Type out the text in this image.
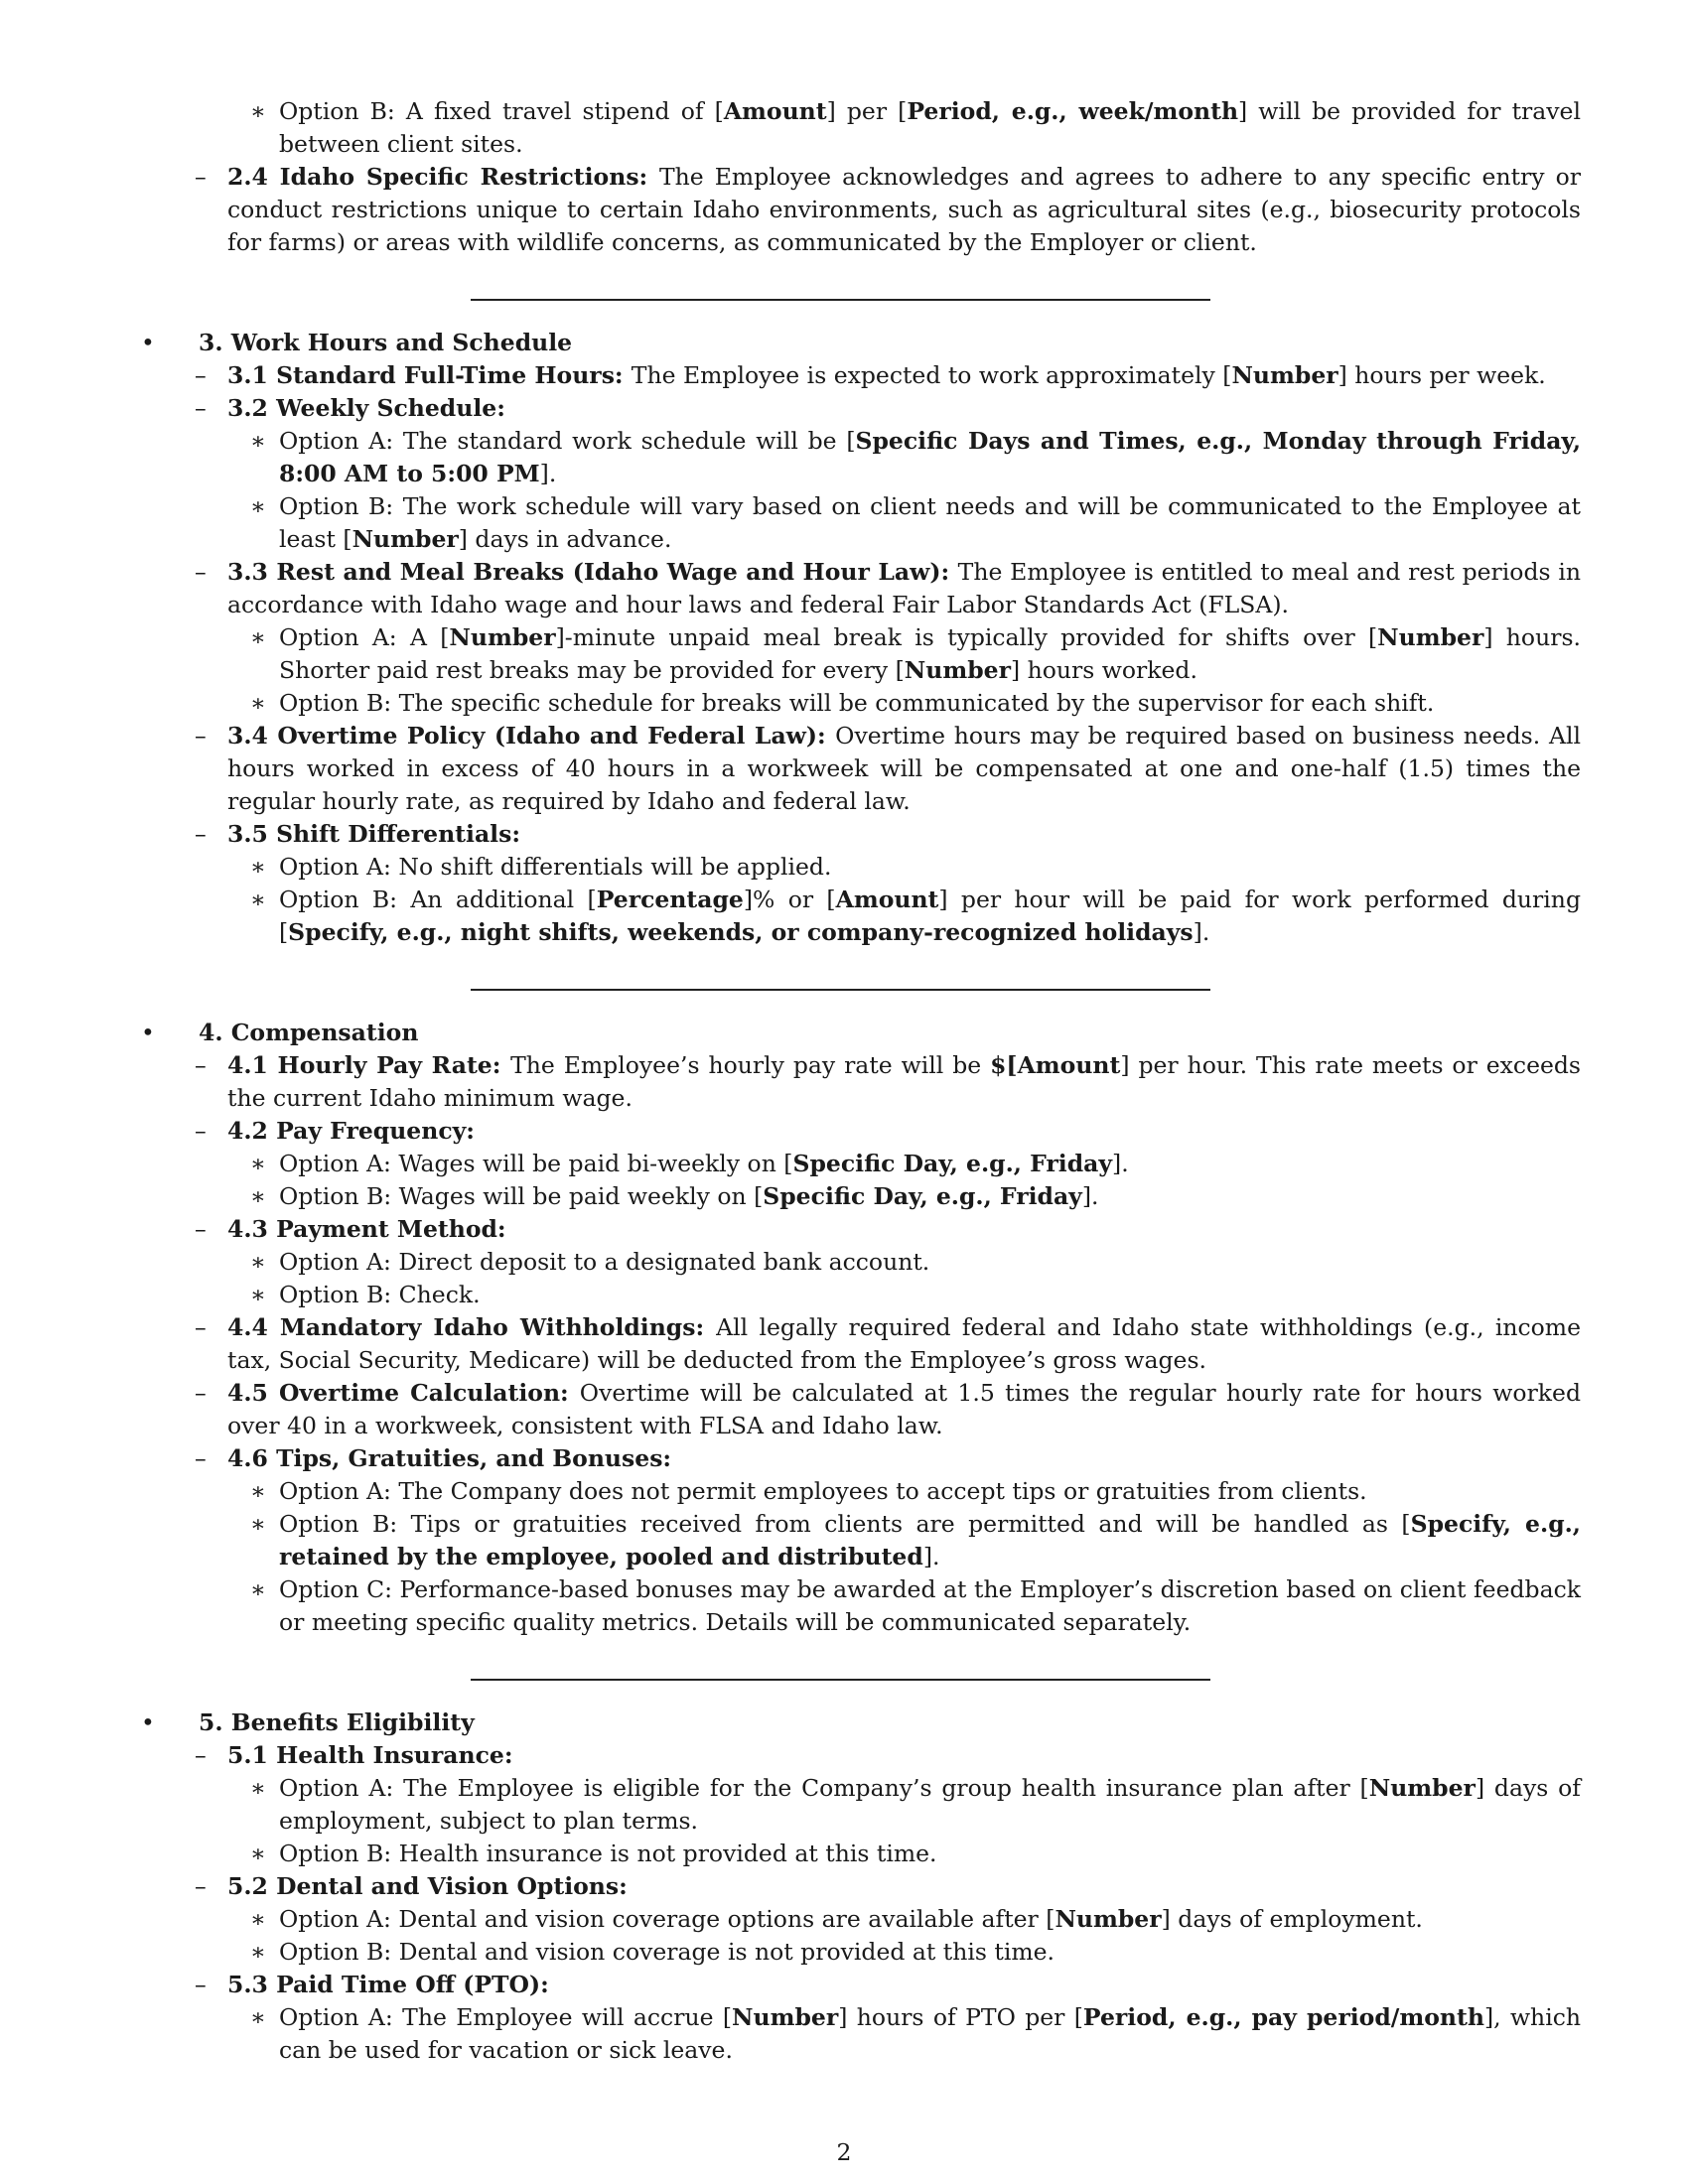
∗ Option B: A fixed travel stipend of [Amount] per [Period, e.g., week/month] will be provided for travel between client sites.
– 2.4 Idaho Specific Restrictions: The Employee acknowledges and agrees to adhere to any specific entry or conduct restrictions unique to certain Idaho environments, such as agricultural sites (e.g., biosecurity protocols for farms) or areas with wildlife concerns, as communicated by the Employer or client.
• 3. Work Hours and Schedule
– 3.1 Standard Full-Time Hours: The Employee is expected to work approximately [Number] hours per week.
– 3.2 Weekly Schedule:
∗ Option A: The standard work schedule will be [Specific Days and Times, e.g., Monday through Friday, 8:00 AM to 5:00 PM].
∗ Option B: The work schedule will vary based on client needs and will be communicated to the Employee at least [Number] days in advance.
– 3.3 Rest and Meal Breaks (Idaho Wage and Hour Law): The Employee is entitled to meal and rest periods in accordance with Idaho wage and hour laws and federal Fair Labor Standards Act (FLSA).
∗ Option A: A [Number]-minute unpaid meal break is typically provided for shifts over [Number] hours. Shorter paid rest breaks may be provided for every [Number] hours worked.
∗ Option B: The specific schedule for breaks will be communicated by the supervisor for each shift.
– 3.4 Overtime Policy (Idaho and Federal Law): Overtime hours may be required based on business needs. All hours worked in excess of 40 hours in a workweek will be compensated at one and one-half (1.5) times the regular hourly rate, as required by Idaho and federal law.
– 3.5 Shift Differentials:
∗ Option A: No shift differentials will be applied.
∗ Option B: An additional [Percentage]% or [Amount] per hour will be paid for work performed during [Specify, e.g., night shifts, weekends, or company-recognized holidays].
• 4. Compensation
– 4.1 Hourly Pay Rate: The Employee’s hourly pay rate will be $[Amount] per hour. This rate meets or exceeds the current Idaho minimum wage.
– 4.2 Pay Frequency:
∗ Option A: Wages will be paid bi-weekly on [Specific Day, e.g., Friday].
∗ Option B: Wages will be paid weekly on [Specific Day, e.g., Friday].
– 4.3 Payment Method:
∗ Option A: Direct deposit to a designated bank account.
∗ Option B: Check.
– 4.4 Mandatory Idaho Withholdings: All legally required federal and Idaho state withholdings (e.g., income tax, Social Security, Medicare) will be deducted from the Employee’s gross wages.
– 4.5 Overtime Calculation: Overtime will be calculated at 1.5 times the regular hourly rate for hours worked over 40 in a workweek, consistent with FLSA and Idaho law.
– 4.6 Tips, Gratuities, and Bonuses:
∗ Option A: The Company does not permit employees to accept tips or gratuities from clients.
∗ Option B: Tips or gratuities received from clients are permitted and will be handled as [Specify, e.g., retained by the employee, pooled and distributed].
∗ Option C: Performance-based bonuses may be awarded at the Employer’s discretion based on client feedback or meeting specific quality metrics. Details will be communicated separately.
• 5. Benefits Eligibility
– 5.1 Health Insurance:
∗ Option A: The Employee is eligible for the Company’s group health insurance plan after [Number] days of employment, subject to plan terms.
∗ Option B: Health insurance is not provided at this time.
– 5.2 Dental and Vision Options:
∗ Option A: Dental and vision coverage options are available after [Number] days of employment.
∗ Option B: Dental and vision coverage is not provided at this time.
– 5.3 Paid Time Off (PTO):
∗ Option A: The Employee will accrue [Number] hours of PTO per [Period, e.g., pay period/month], which can be used for vacation or sick leave.
2
